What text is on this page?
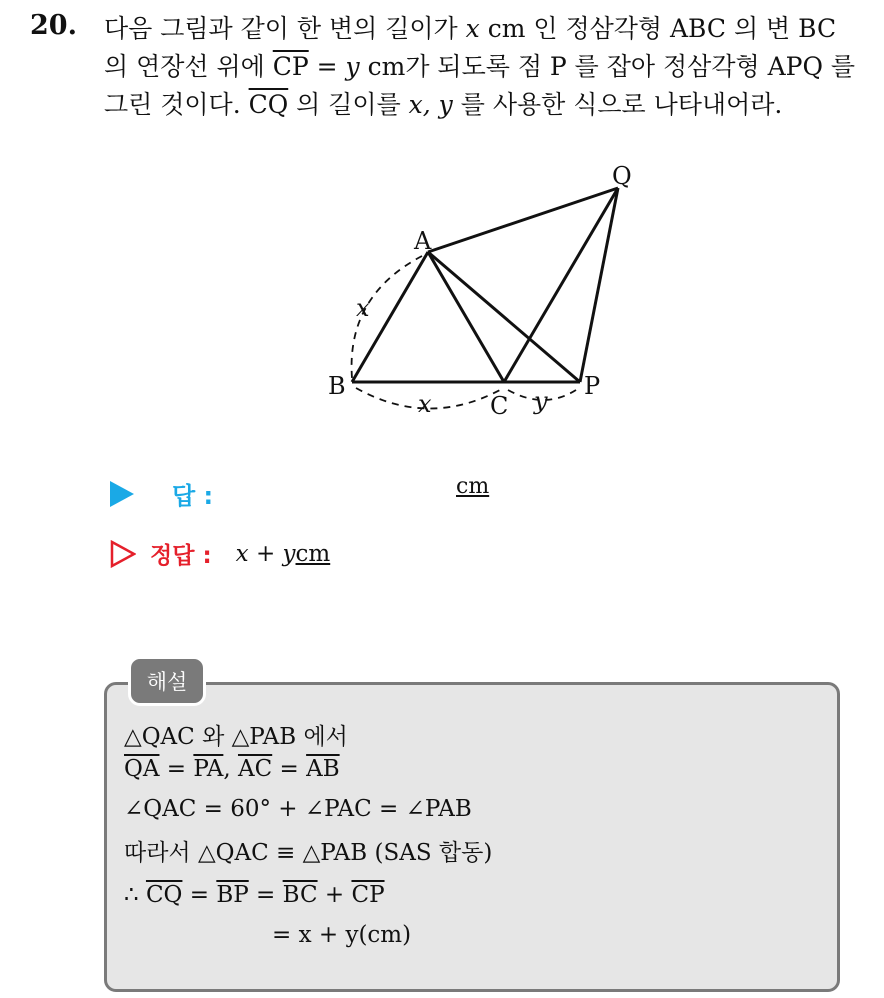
20. 다음 그림과 같이 한 변의 길이가 x cm 인 정삼각형 ABC 의 변 BC
의 연장선 위에 $\overline{CP} = y$ cm가 되도록 점 P 를 잡아 정삼각형 APQ 를
그린 것이다. $\overline{CQ}$ 의 길이를 x, y 를 사용한 식으로 나타내어라.
A
B
C
P
Q
x
x	y
답 :	cm
정답 : x + ycm
해설
△QAC 와 △PAB 에서
$\overline{QA} = \overline{PA}$, $\overline{AC} = \overline{AB}$
∠QAC = 60° + ∠PAC = ∠PAB
따라서 △QAC ≡ △PAB (SAS 합동)
∴ $\overline{CQ} = \overline{BP} = \overline{BC} + \overline{CP}$
= x + y(cm)
